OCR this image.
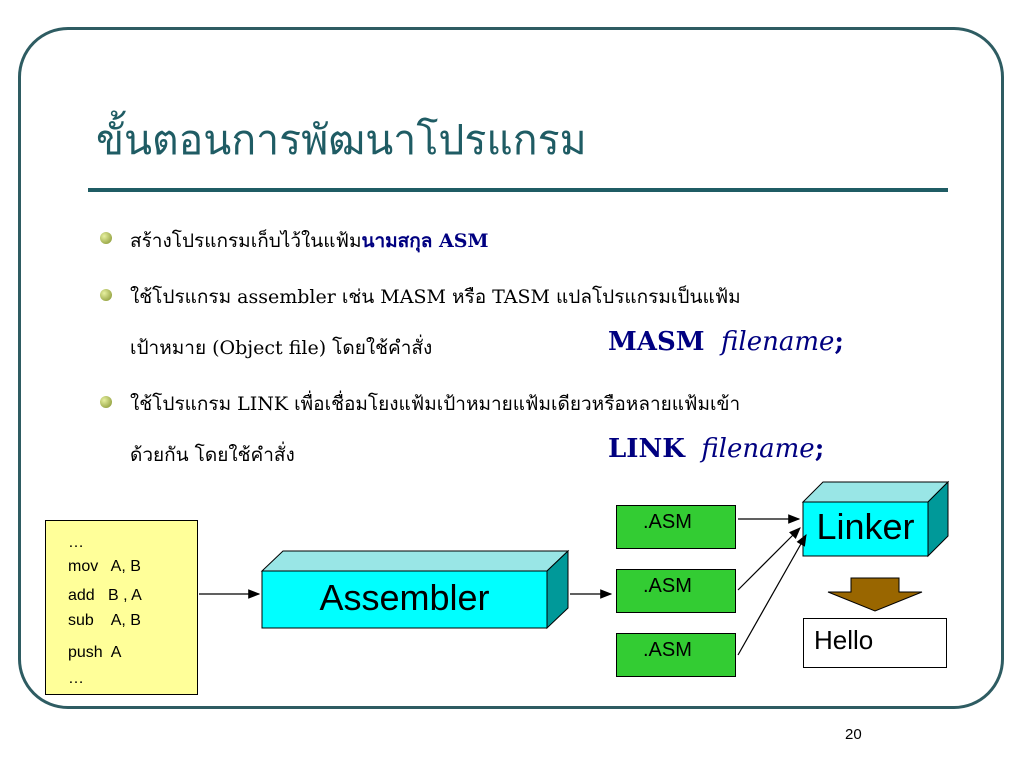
ขั้นตอนการพัฒนาโปรแกรม
สร้างโปรแกรมเก็บไว้ในแฟ้มนามสกุล ASM
ใช้โปรแกรม assembler เช่น MASM หรือ TASM แปลโปรแกรมเป็นแฟ้ม
เป้าหมาย (Object file) โดยใช้คำสั่ง	MASM filename;
ใช้โปรแกรม LINK เพื่อเชื่อมโยงแฟ้มเป้าหมายแฟ้มเดียวหรือหลายแฟ้มเข้า
ด้วยกัน โดยใช้คำสั่ง	LINK filename;
…
mov   A, B
add   B , A
sub    A, B
push  A
…
Assembler
.ASM
.ASM
.ASM
Linker
Hello
20
